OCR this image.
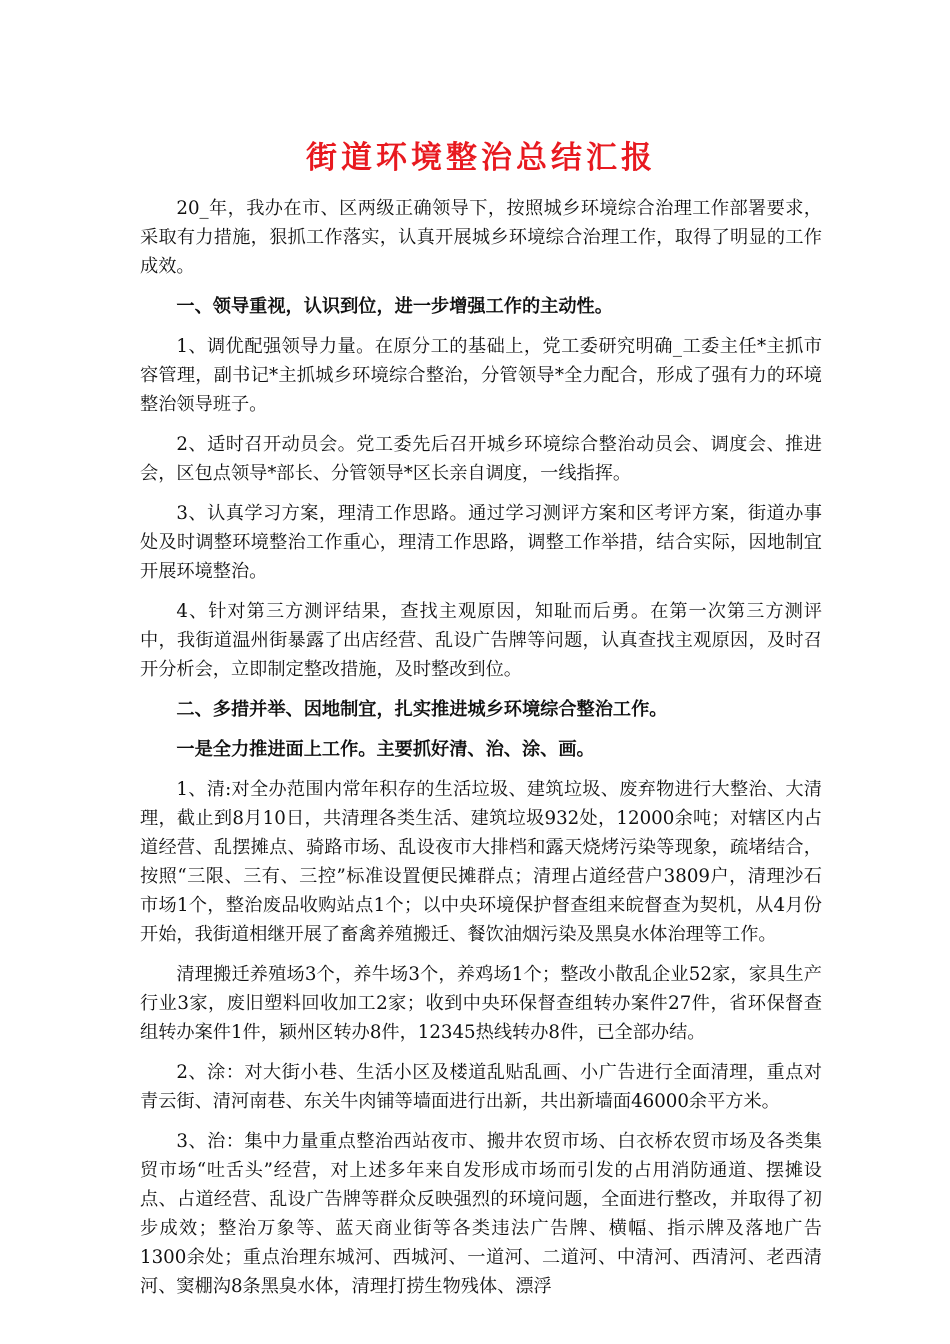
街道环境整治总结汇报

20_年，我办在市、区两级正确领导下，按照城乡环境综合治理工作部署要求，采取有力措施，狠抓工作落实，认真开展城乡环境综合治理工作，取得了明显的工作成效。

一、领导重视，认识到位，进一步增强工作的主动性。

1、调优配强领导力量。在原分工的基础上，党工委研究明确_工委主任*主抓市容管理，副书记*主抓城乡环境综合整治，分管领导*全力配合，形成了强有力的环境整治领导班子。

2、适时召开动员会。党工委先后召开城乡环境综合整治动员会、调度会、推进会，区包点领导*部长、分管领导*区长亲自调度，一线指挥。

3、认真学习方案，理清工作思路。通过学习测评方案和区考评方案，街道办事处及时调整环境整治工作重心，理清工作思路，调整工作举措，结合实际，因地制宜开展环境整治。

4、针对第三方测评结果，查找主观原因，知耻而后勇。在第一次第三方测评中，我街道温州街暴露了出店经营、乱设广告牌等问题，认真查找主观原因，及时召开分析会，立即制定整改措施，及时整改到位。

二、多措并举、因地制宜，扎实推进城乡环境综合整治工作。

一是全力推进面上工作。主要抓好清、治、涂、画。

1、清:对全办范围内常年积存的生活垃圾、建筑垃圾、废弃物进行大整治、大清理，截止到8月10日，共清理各类生活、建筑垃圾932处，12000余吨；对辖区内占道经营、乱摆摊点、骑路市场、乱设夜市大排档和露天烧烤污染等现象，疏堵结合，按照“三限、三有、三控”标准设置便民摊群点；清理占道经营户3809户，清理沙石市场1个，整治废品收购站点1个；以中央环境保护督查组来皖督查为契机，从4月份开始，我街道相继开展了畜禽养殖搬迁、餐饮油烟污染及黑臭水体治理等工作。

清理搬迁养殖场3个，养牛场3个，养鸡场1个；整改小散乱企业52家，家具生产行业3家，废旧塑料回收加工2家；收到中央环保督查组转办案件27件，省环保督查组转办案件1件，颍州区转办8件，12345热线转办8件，已全部办结。

2、涂：对大街小巷、生活小区及楼道乱贴乱画、小广告进行全面清理，重点对青云街、清河南巷、东关牛肉铺等墙面进行出新，共出新墙面46000余平方米。

3、治：集中力量重点整治西站夜市、搬井农贸市场、白衣桥农贸市场及各类集贸市场“吐舌头”经营，对上述多年来自发形成市场而引发的占用消防通道、摆摊设点、占道经营、乱设广告牌等群众反映强烈的环境问题，全面进行整改，并取得了初步成效；整治万象等、蓝天商业街等各类违法广告牌、横幅、指示牌及落地广告1300余处；重点治理东城河、西城河、一道河、二道河、中清河、西清河、老西清河、窦棚沟8条黑臭水体，清理打捞生物残体、漂浮
